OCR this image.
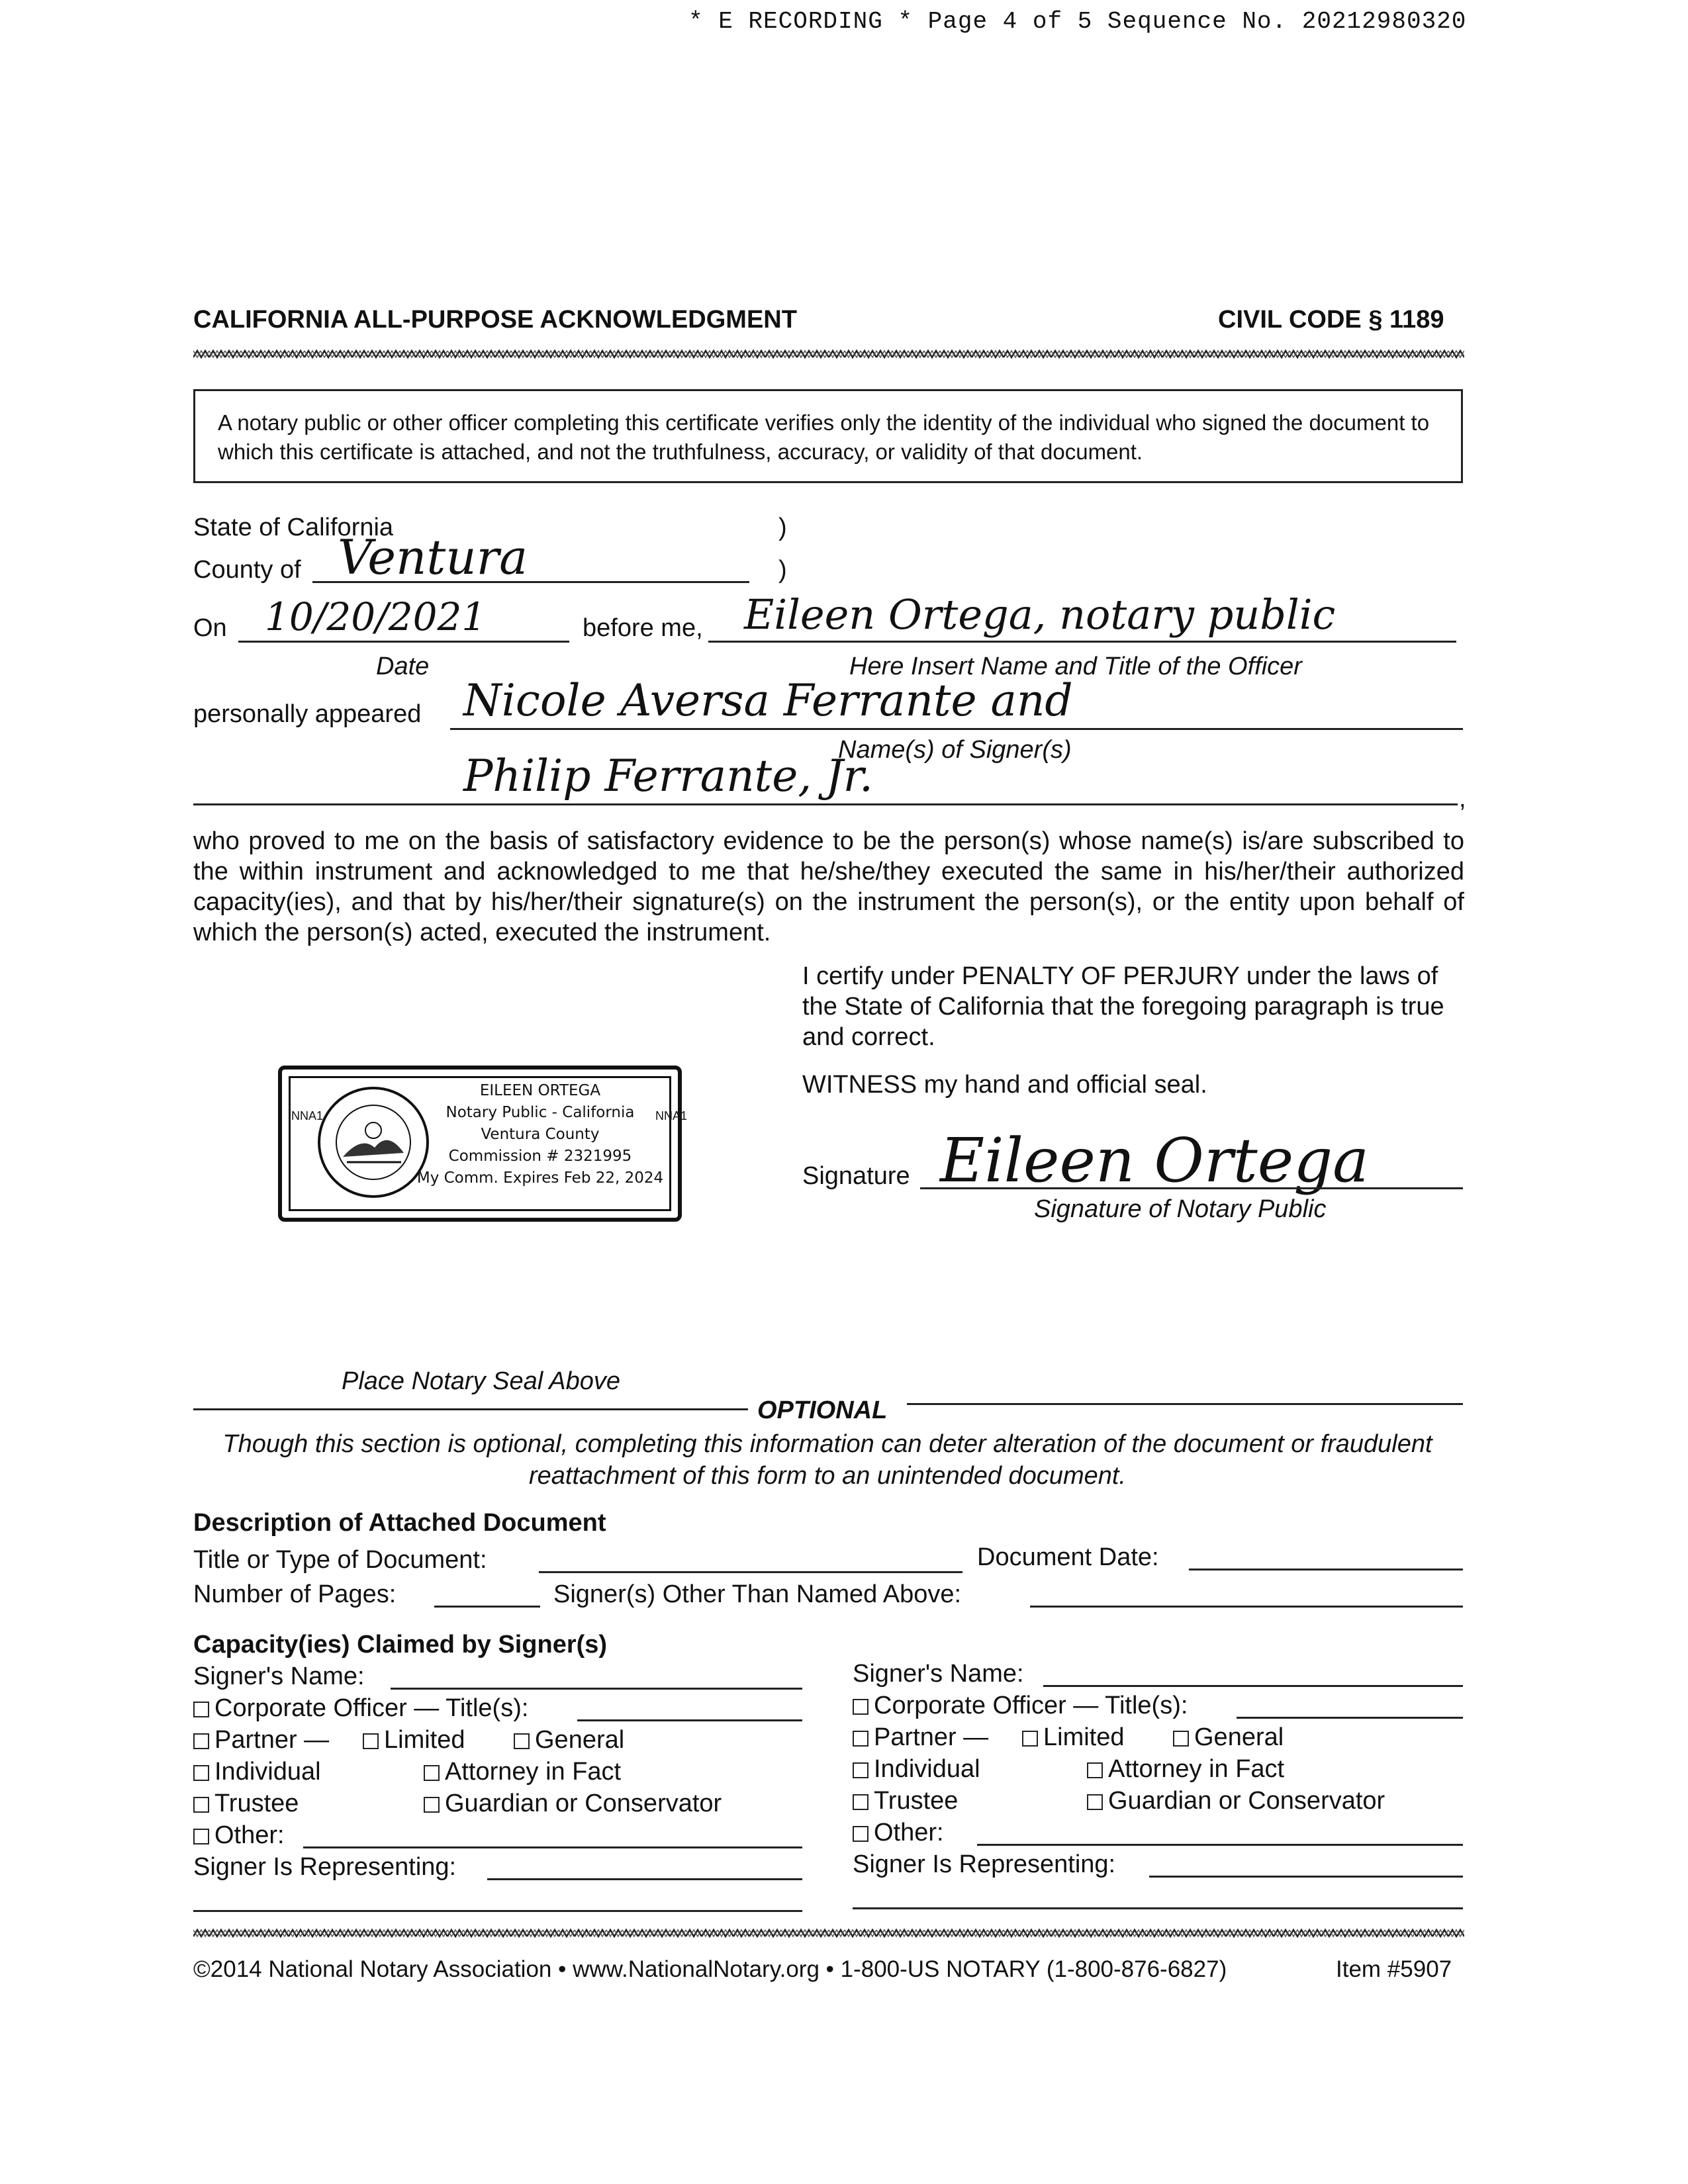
* E RECORDING * Page 4 of 5 Sequence No. 20212980320
CALIFORNIA ALL-PURPOSE ACKNOWLEDGMENT	CIVIL CODE § 1189
A notary public or other officer completing this certificate verifies only the identity of the individual who signed the document to which this certificate is attached, and not the truthfulness, accuracy, or validity of that document.
State of California	)
County of Ventura	)
On 10/20/2021	before me, Eileen Ortega, notary public
Date	Here Insert Name and Title of the Officer
personally appeared Nicole Aversa Ferrante and
Name(s) of Signer(s)
Philip Ferrante, Jr.	,
who proved to me on the basis of satisfactory evidence to be the person(s) whose name(s) is/are subscribed to the within instrument and acknowledged to me that he/she/they executed the same in his/her/their authorized capacity(ies), and that by his/her/their signature(s) on the instrument the person(s), or the entity upon behalf of which the person(s) acted, executed the instrument.
I certify under PENALTY OF PERJURY under the laws of the State of California that the foregoing paragraph is true and correct.
WITNESS my hand and official seal.
Signature Eileen Ortega
Signature of Notary Public
NNA1	NNA1
EILEEN ORTEGA
Notary Public - California
Ventura County
Commission # 2321995
My Comm. Expires Feb 22, 2024
Place Notary Seal Above
OPTIONAL
Though this section is optional, completing this information can deter alteration of the document or fraudulent reattachment of this form to an unintended document.
Description of Attached Document
Title or Type of Document:	Document Date:
Number of Pages:	Signer(s) Other Than Named Above:
Capacity(ies) Claimed by Signer(s)
Signer's Name:
Corporate Officer — Title(s):
Partner —	Limited	General
Individual	Attorney in Fact
Trustee	Guardian or Conservator
Other:
Signer Is Representing:
Signer's Name:
Corporate Officer — Title(s):
Partner —	Limited	General
Individual	Attorney in Fact
Trustee	Guardian or Conservator
Other:
Signer Is Representing:
©2014 National Notary Association • www.NationalNotary.org • 1-800-US NOTARY (1-800-876-6827)	Item #5907
